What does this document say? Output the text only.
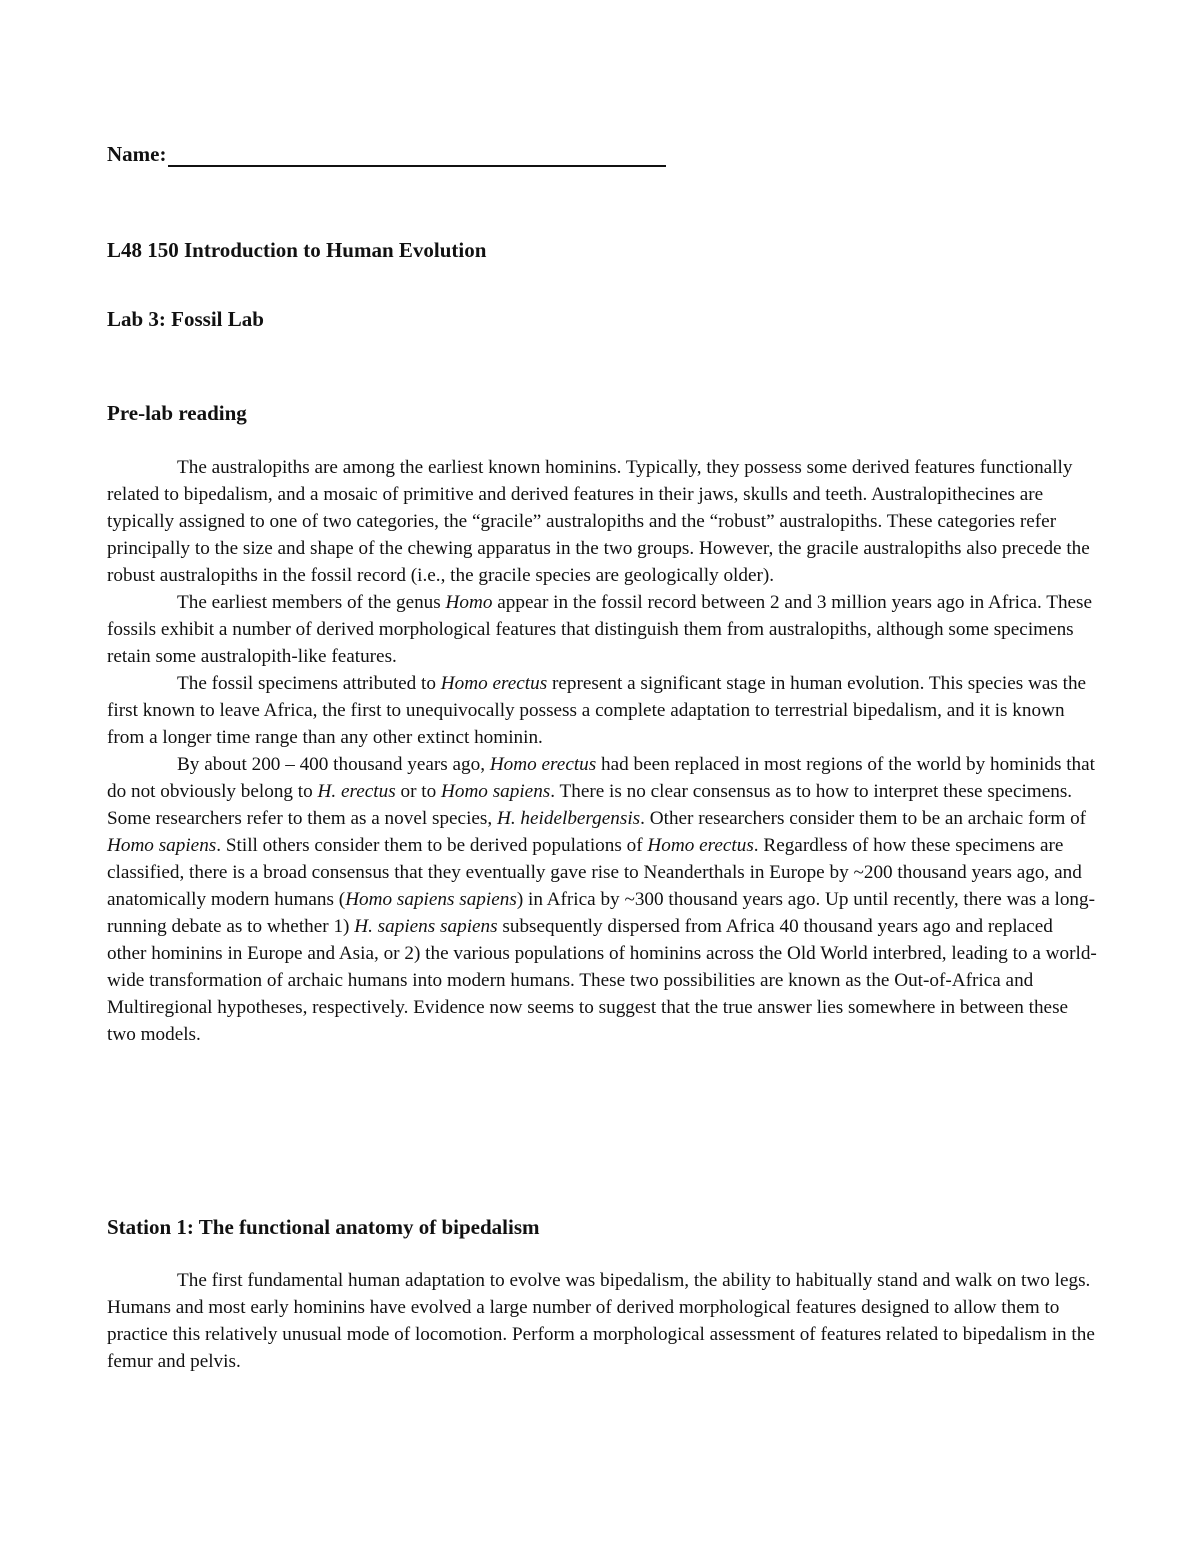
Name:
L48 150 Introduction to Human Evolution
Lab 3: Fossil Lab
Pre-lab reading

The australopiths are among the earliest known hominins. Typically, they possess some derived features functionally related to bipedalism, and a mosaic of primitive and derived features in their jaws, skulls and teeth. Australopithecines are typically assigned to one of two categories, the “gracile” australopiths and the “robust” australopiths. These categories refer principally to the size and shape of the chewing apparatus in the two groups. However, the gracile australopiths also precede the robust australopiths in the fossil record (i.e., the gracile species are geologically older).

The earliest members of the genus Homo appear in the fossil record between 2 and 3 million years ago in Africa. These fossils exhibit a number of derived morphological features that distinguish them from australopiths, although some specimens retain some australopith-like features.

The fossil specimens attributed to Homo erectus represent a significant stage in human evolution. This species was the first known to leave Africa, the first to unequivocally possess a complete adaptation to terrestrial bipedalism, and it is known from a longer time range than any other extinct hominin.

By about 200 – 400 thousand years ago, Homo erectus had been replaced in most regions of the world by hominids that do not obviously belong to H. erectus or to Homo sapiens. There is no clear consensus as to how to interpret these specimens. Some researchers refer to them as a novel species, H. heidelbergensis. Other researchers consider them to be an archaic form of Homo sapiens. Still others consider them to be derived populations of Homo erectus. Regardless of how these specimens are classified, there is a broad consensus that they eventually gave rise to Neanderthals in Europe by ~200 thousand years ago, and anatomically modern humans (Homo sapiens sapiens) in Africa by ~300 thousand years ago. Up until recently, there was a long-running debate as to whether 1) H. sapiens sapiens subsequently dispersed from Africa 40 thousand years ago and replaced other hominins in Europe and Asia, or 2) the various populations of hominins across the Old World interbred, leading to a world-wide transformation of archaic humans into modern humans. These two possibilities are known as the Out-of-Africa and Multiregional hypotheses, respectively. Evidence now seems to suggest that the true answer lies somewhere in between these two models.

Station 1: The functional anatomy of bipedalism

The first fundamental human adaptation to evolve was bipedalism, the ability to habitually stand and walk on two legs. Humans and most early hominins have evolved a large number of derived morphological features designed to allow them to practice this relatively unusual mode of locomotion. Perform a morphological assessment of features related to bipedalism in the femur and pelvis.
